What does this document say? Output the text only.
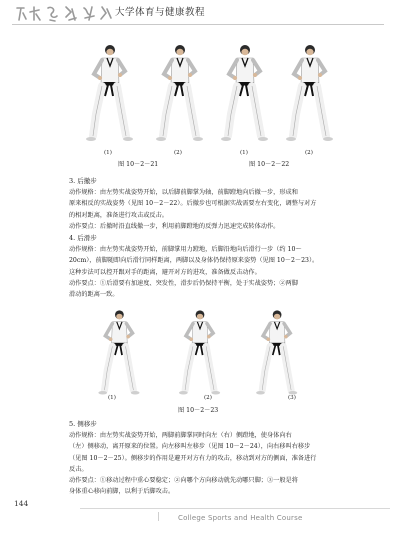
大学体育与健康教程
(1)	(2)	(1)	(2)
图 10－2－21	图 10－2－22
3. 后撤步
动作规格：由左势实战姿势开始，以后脚前脚掌为轴，前脚蹬地向后撤一步，形成和
原来相反的实战姿势（见图 10－2－22）。后撤步也可根据实战需要左右变化，调整与对方
的相对距离，准备进行攻击或反击。
动作要点：后撤时沿直线撤一步，利用前脚蹬地的反弹力迅速完成转体动作。
4. 后滑步
动作规格：由左势实战姿势开始，前脚掌用力蹬地，后脚沿地向后滑行一步（约 10～
20cm），前脚随即向后滑行同样距离，两脚以及身体仍保持原来姿势（见图 10－2－23）。
这种步法可以控开跟对手的距离，避开对方的进攻，准备做反击动作。
动作要点：①后滑要有加速度、突发性，滑步后仍保持平衡，处于实战姿势；②两脚
滑动的距离一致。
(1)	(2)	(3)
图 10－2－23
5. 侧移步
动作规格：由左势实战姿势开始，两脚前脚掌同时向左（右）侧蹬地，使身体向右
（左）侧移动，离开原来的位置。向左移叫左移步（见图 10－2－24），向右移叫右移步
（见图 10－2－25）。侧移步的作用是避开对方有力的攻击，移动到对方的侧面，准备进行
反击。
动作要点：①移动过程中重心要稳定；②向哪个方向移动就先动哪只脚；③一般是将
身体重心移向前脚，以利于后脚攻击。
144
College Sports and Health Course
